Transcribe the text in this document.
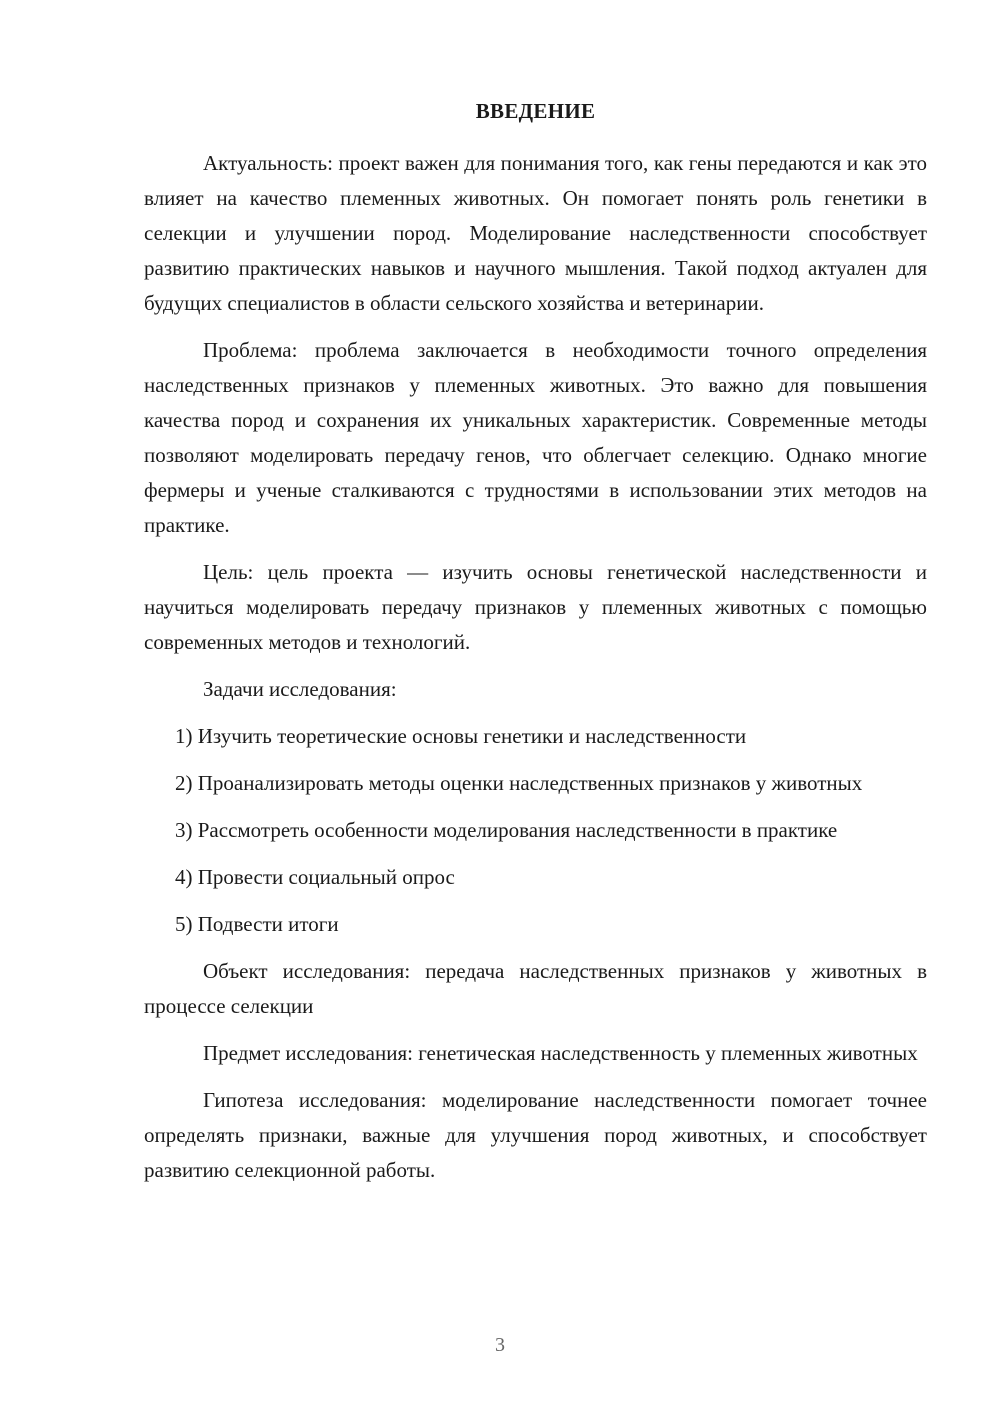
ВВЕДЕНИЕ

Актуальность: проект важен для понимания того, как гены передаются и как это влияет на качество племенных животных. Он помогает понять роль генетики в селекции и улучшении пород. Моделирование наследственности способствует развитию практических навыков и научного мышления. Такой подход актуален для будущих специалистов в области сельского хозяйства и ветеринарии.

Проблема: проблема заключается в необходимости точного определения наследственных признаков у племенных животных. Это важно для повышения качества пород и сохранения их уникальных характеристик. Современные методы позволяют моделировать передачу генов, что облегчает селекцию. Однако многие фермеры и ученые сталкиваются с трудностями в использовании этих методов на практике.

Цель: цель проекта — изучить основы генетической наследственности и научиться моделировать передачу признаков у племенных животных с помощью современных методов и технологий.

Задачи исследования:

1) Изучить теоретические основы генетики и наследственности

2) Проанализировать методы оценки наследственных признаков у животных

3) Рассмотреть особенности моделирования наследственности в практике

4) Провести социальный опрос

5) Подвести итоги

Объект исследования: передача наследственных признаков у животных в процессе селекции

Предмет исследования: генетическая наследственность у племенных животных

Гипотеза исследования: моделирование наследственности помогает точнее определять признаки, важные для улучшения пород животных, и способствует развитию селекционной работы.

3
